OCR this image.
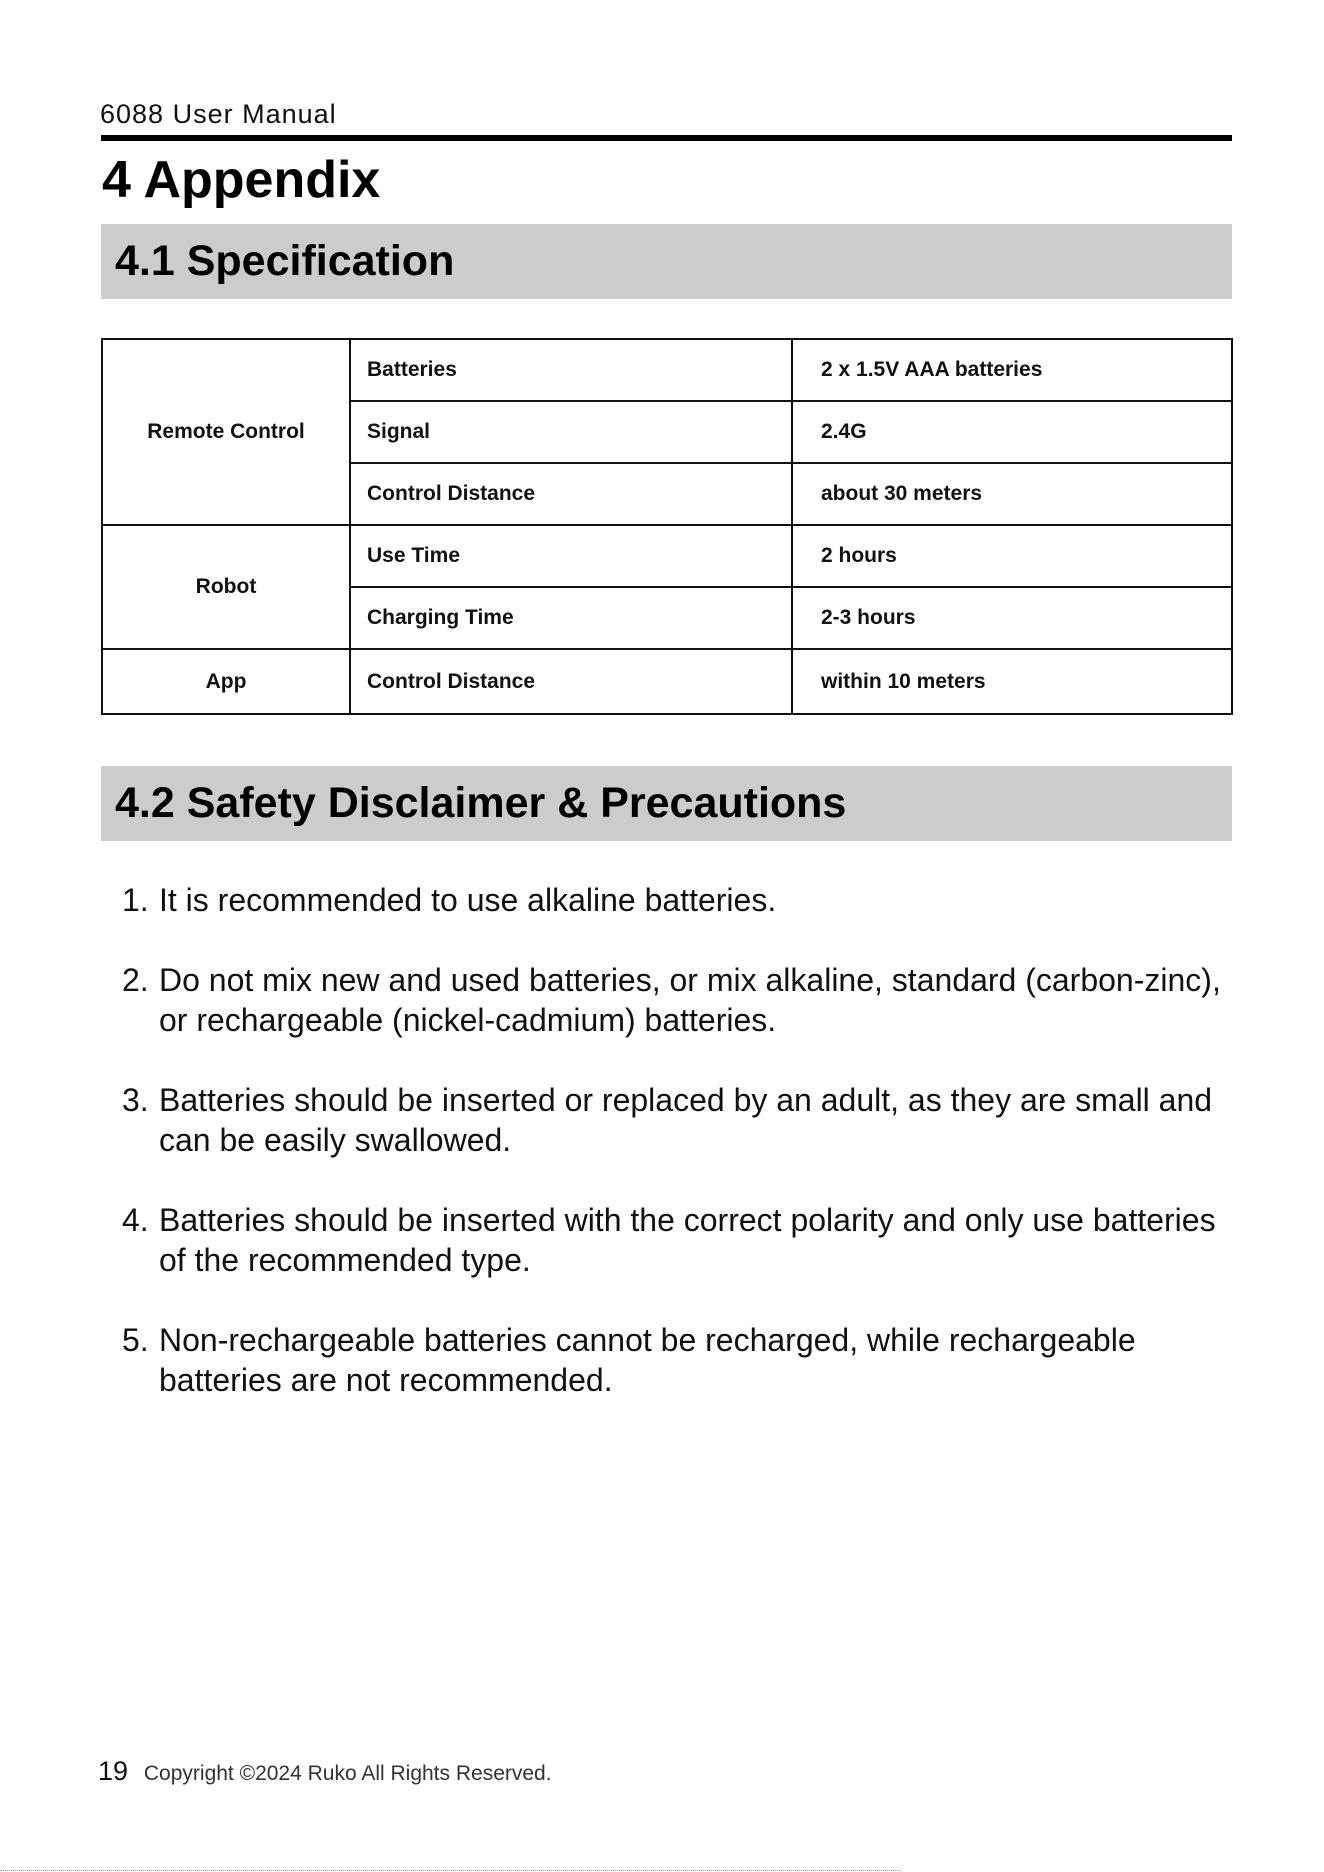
6088 User Manual
4 Appendix
4.1 Specification
Remote Control	Batteries	2 x 1.5V AAA batteries
	Signal	2.4G
	Control Distance	about 30 meters
Robot	Use Time	2 hours
	Charging Time	2-3 hours
App	Control Distance	within 10 meters
4.2 Safety Disclaimer & Precautions
1. It is recommended to use alkaline batteries.
2. Do not mix new and used batteries, or mix alkaline, standard (carbon-zinc), or rechargeable (nickel-cadmium) batteries.
3. Batteries should be inserted or replaced by an adult, as they are small and can be easily swallowed.
4. Batteries should be inserted with the correct polarity and only use batteries of the recommended type.
5. Non-rechargeable batteries cannot be recharged, while rechargeable batteries are not recommended.
19 Copyright ©2024 Ruko All Rights Reserved.
